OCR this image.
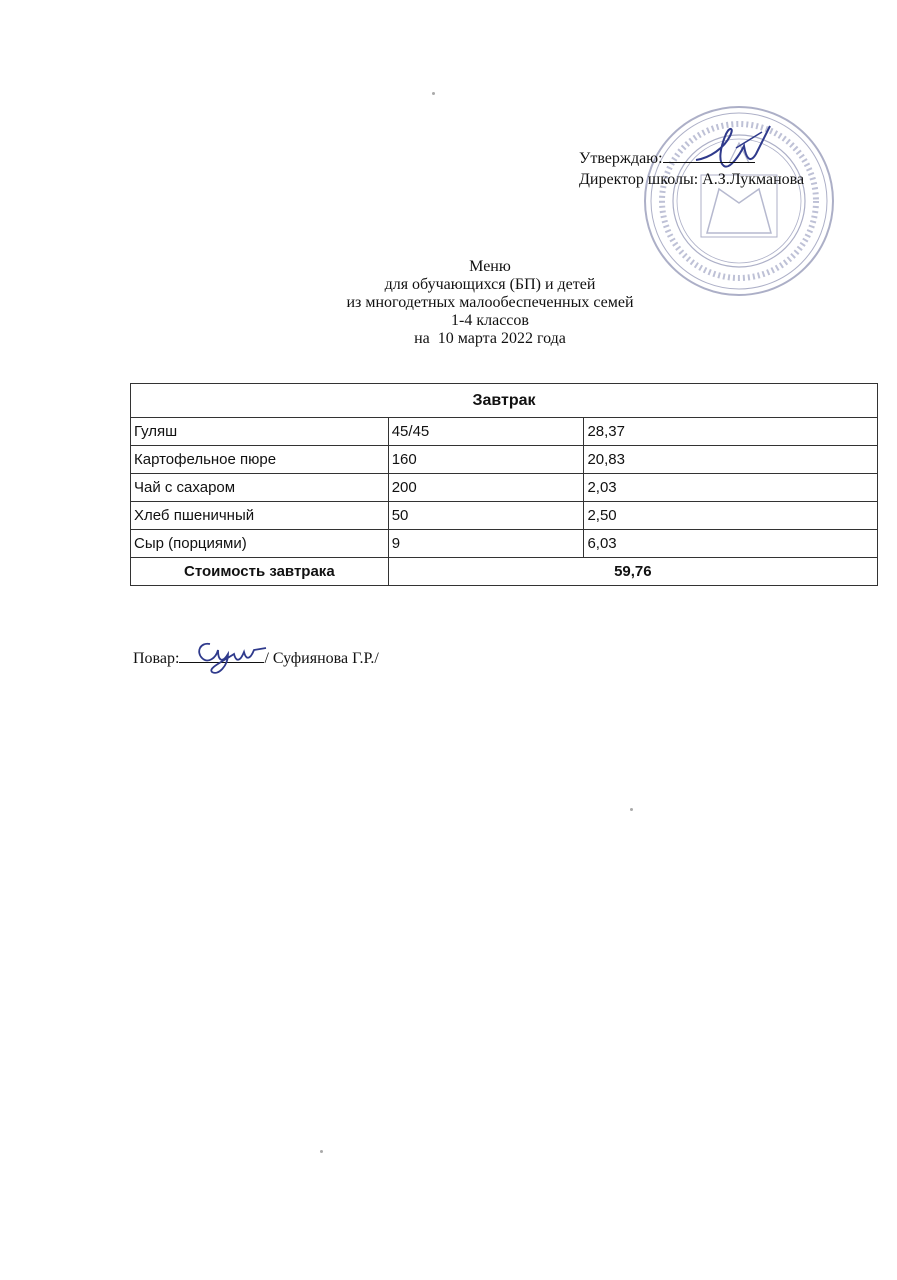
Утверждаю:
Директор школы: А.З.Лукманова
Меню
для обучающихся (БП) и детей
из многодетных малообеспеченных семей
1-4 классов
на  10 марта 2022 года
Завтрак		
Гуляш	45/45	28,37
Картофельное пюре	160	20,83
Чай с сахаром	200	2,03
Хлеб пшеничный	50	2,50
Сыр (порциями)	9	6,03
Стоимость завтрака	59,76	
Повар:	/ Суфиянова Г.Р./
